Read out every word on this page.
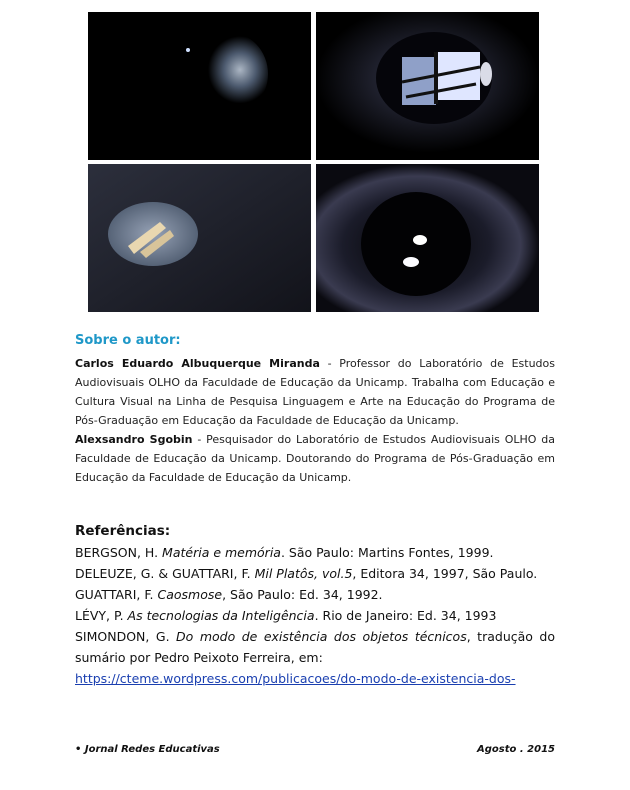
Sobre o autor:

Carlos Eduardo Albuquerque Miranda - Professor do Laboratório de Estudos Audiovisuais OLHO da Faculdade de Educação da Unicamp. Trabalha com Educação e Cultura Visual na Linha de Pesquisa Linguagem e Arte na Educação do Programa de Pós-Graduação em Educação da Faculdade de Educação da Unicamp.

Alexsandro Sgobin - Pesquisador do Laboratório de Estudos Audiovisuais OLHO da Faculdade de Educação da Unicamp. Doutorando do Programa de Pós-Graduação em Educação da Faculdade de Educação da Unicamp.

Referências:

BERGSON, H. Matéria e memória. São Paulo: Martins Fontes, 1999.

DELEUZE, G. & GUATTARI, F. Mil Platôs, vol.5, Editora 34, 1997, São Paulo.

GUATTARI, F. Caosmose, São Paulo: Ed. 34, 1992.

LÉVY, P. As tecnologias da Inteligência. Rio de Janeiro: Ed. 34, 1993

SIMONDON, G. Do modo de existência dos objetos técnicos, tradução do sumário por Pedro Peixoto Ferreira, em:

https://cteme.wordpress.com/publicacoes/do-modo-de-existencia-dos-

• Jornal Redes Educativas	Agosto . 2015
